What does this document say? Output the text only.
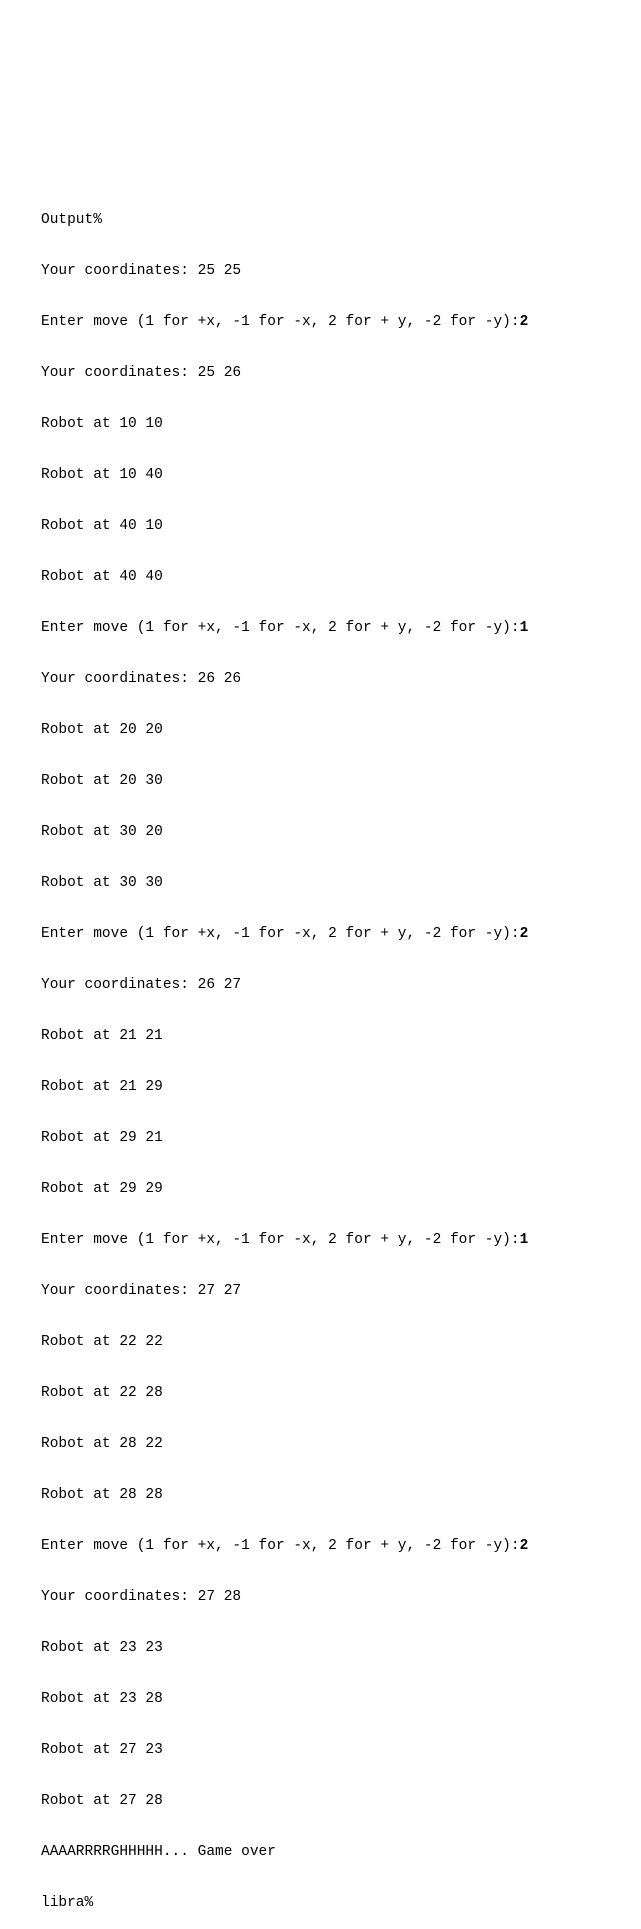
Output%

Your coordinates: 25 25

Enter move (1 for +x, -1 for -x, 2 for + y, -2 for -y):2

Your coordinates: 25 26

Robot at 10 10

Robot at 10 40

Robot at 40 10

Robot at 40 40

Enter move (1 for +x, -1 for -x, 2 for + y, -2 for -y):1

Your coordinates: 26 26

Robot at 20 20

Robot at 20 30

Robot at 30 20

Robot at 30 30

Enter move (1 for +x, -1 for -x, 2 for + y, -2 for -y):2

Your coordinates: 26 27

Robot at 21 21

Robot at 21 29

Robot at 29 21

Robot at 29 29

Enter move (1 for +x, -1 for -x, 2 for + y, -2 for -y):1

Your coordinates: 27 27

Robot at 22 22

Robot at 22 28

Robot at 28 22

Robot at 28 28

Enter move (1 for +x, -1 for -x, 2 for + y, -2 for -y):2

Your coordinates: 27 28

Robot at 23 23

Robot at 23 28

Robot at 27 23

Robot at 27 28

AAAARRRRGHHHHH... Game over

libra%
